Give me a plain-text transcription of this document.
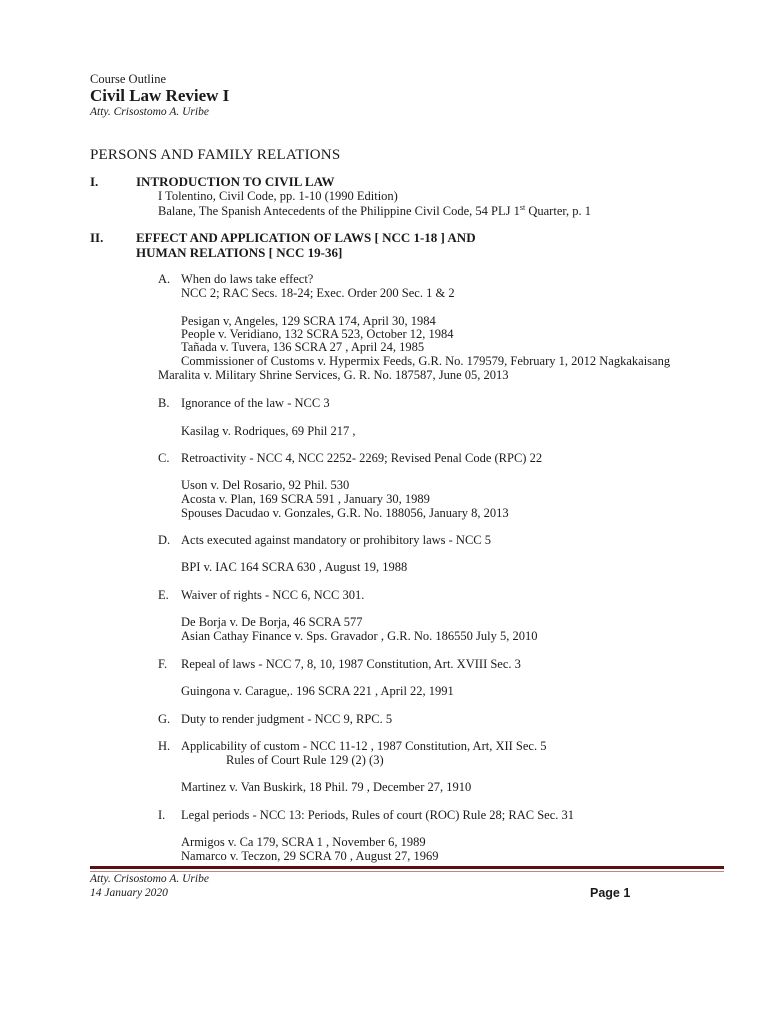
Course Outline
Civil Law Review I
Atty. Crisostomo A. Uribe
PERSONS AND FAMILY RELATIONS
I.	INTRODUCTION TO CIVIL LAW
I Tolentino, Civil Code, pp. 1-10 (1990 Edition)
Balane, The Spanish Antecedents of the Philippine Civil Code, 54 PLJ 1st Quarter, p. 1
II.	EFFECT AND APPLICATION OF LAWS [ NCC 1-18 ] AND
HUMAN RELATIONS [ NCC 19-36]
A. When do laws take effect?
NCC 2; RAC Secs. 18-24; Exec. Order 200 Sec. 1 & 2
Pesigan v, Angeles, 129 SCRA 174, April 30, 1984
People v. Veridiano, 132 SCRA 523, October 12, 1984
Tañada v. Tuvera, 136 SCRA 27 , April 24, 1985
Commissioner of Customs v. Hypermix Feeds, G.R. No. 179579, February 1, 2012 Nagkakaisang
Maralita v. Military Shrine Services, G. R. No. 187587, June 05, 2013
B. Ignorance of the law - NCC 3
Kasilag v. Rodriques, 69 Phil 217 ,
C. Retroactivity - NCC 4, NCC 2252- 2269; Revised Penal Code (RPC) 22
Uson v. Del Rosario, 92 Phil. 530
Acosta v. Plan, 169 SCRA 591 , January 30, 1989
Spouses Dacudao v. Gonzales, G.R. No. 188056, January 8, 2013
D. Acts executed against mandatory or prohibitory laws - NCC 5
BPI v. IAC 164 SCRA 630 , August 19, 1988
E. Waiver of rights - NCC 6, NCC 301.
De Borja v. De Borja, 46 SCRA 577
Asian Cathay Finance v. Sps. Gravador , G.R. No. 186550 July 5, 2010
F. Repeal of laws - NCC 7, 8, 10, 1987 Constitution, Art. XVIII Sec. 3
Guingona v. Carague,. 196 SCRA 221 , April 22, 1991
G. Duty to render judgment - NCC 9, RPC. 5
H. Applicability of custom - NCC 11-12 , 1987 Constitution, Art, XII Sec. 5
Rules of Court Rule 129 (2) (3)
Martinez v. Van Buskirk, 18 Phil. 79 , December 27, 1910
I. Legal periods - NCC 13: Periods, Rules of court (ROC) Rule 28; RAC Sec. 31
Armigos v. Ca 179, SCRA 1 , November 6, 1989
Namarco v. Teczon, 29 SCRA 70 , August 27, 1969
Atty. Crisostomo A. Uribe
14 January 2020	Page 1
